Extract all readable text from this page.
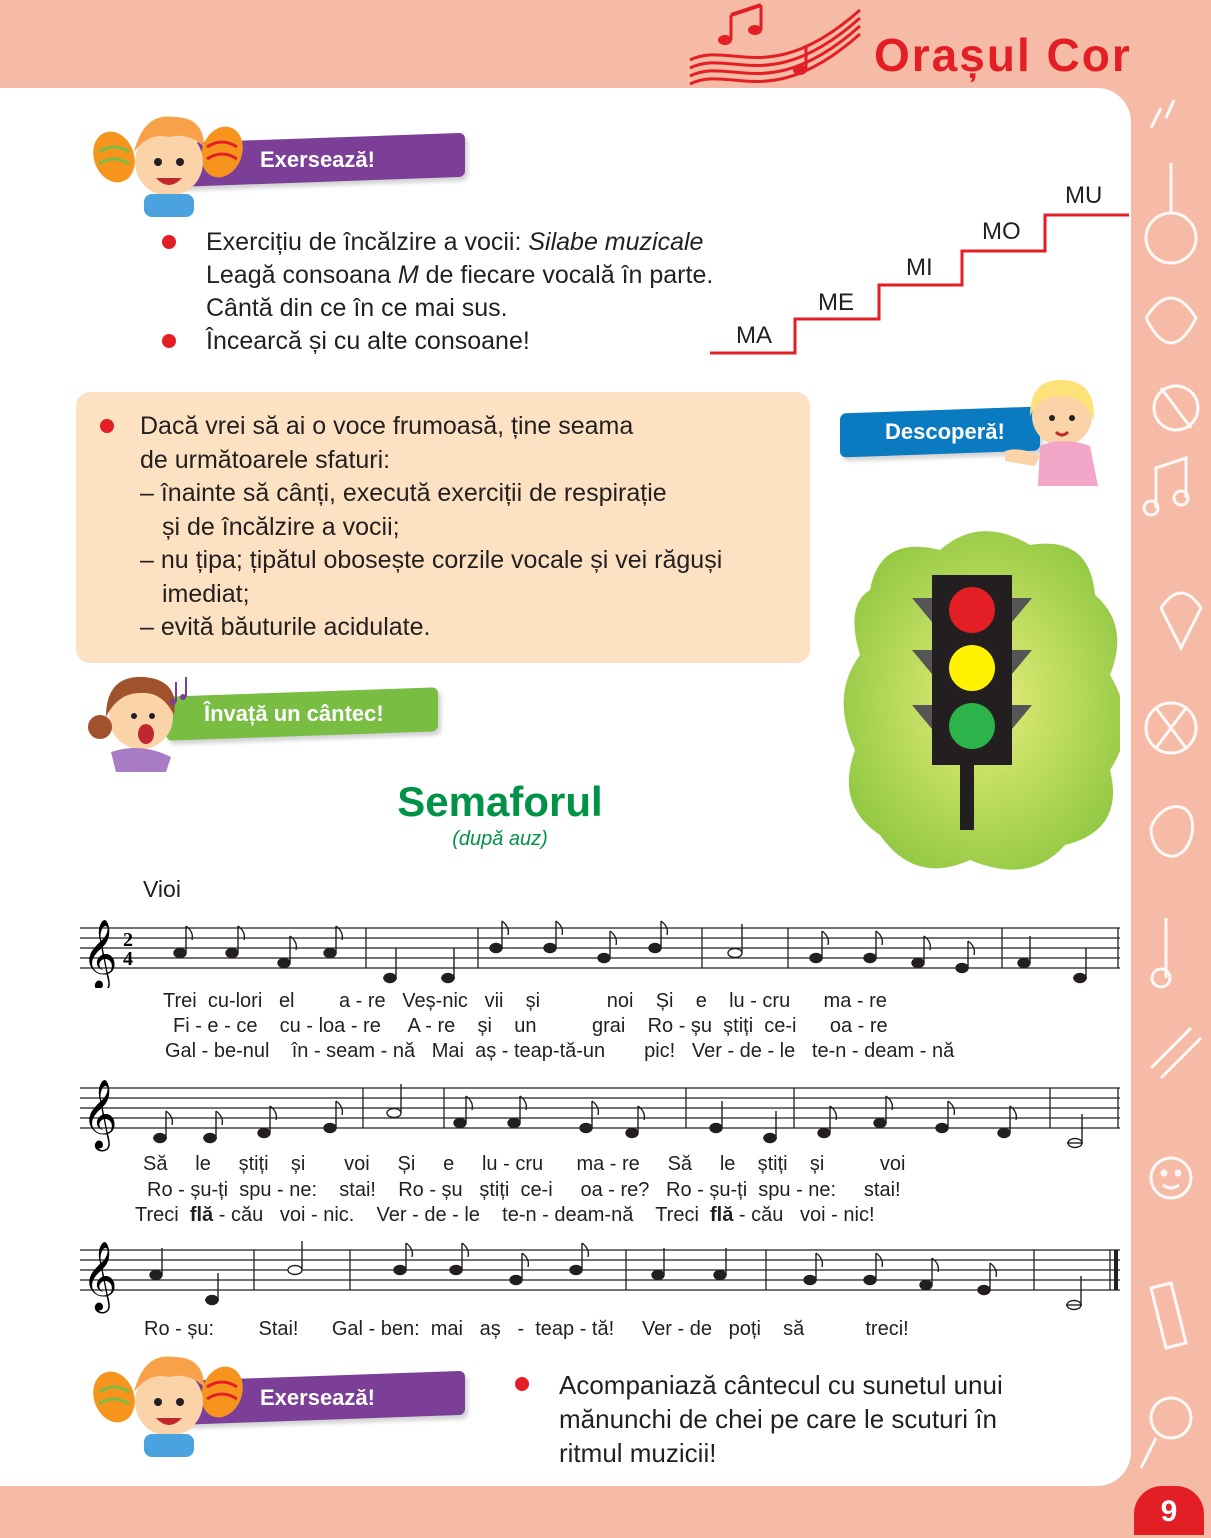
Orașul Cor
Exersează!
Exercițiu de încălzire a vocii: Silabe muzicale
Leagă consoana M de fiecare vocală în parte.
Cântă din ce în ce mai sus.
Încearcă și cu alte consoane!	MA
ME
MI
MO
MU
Dacă vrei să ai o voce frumoasă, ține seama
de următoarele sfaturi:
– înainte să cânți, execută exerciții de respirație
și de încălzire a vocii;
– nu țipa; țipătul obosește corzile vocale și vei răguși
imediat;
– evită băuturile acidulate.
Descoperă!
Învață un cântec!
Semaforul
(după auz)
Vioi
𝄞 2
4
Trei  cu-lori   el        a - re   Veș-nic   vii    și            noi    Și    e    lu - cru      ma - re
Fi - e - ce    cu - loa - re     A - re    și    un          grai    Ro - șu  știți  ce-i      oa - re
Gal - be-nul    în - seam - nă   Mai  aș - teap-tă-un       pic!   Ver - de - le   te-n - deam - nă
𝄞
Să     le     știți    și       voi     Și     e     lu - cru      ma - re     Să     le    știți    și          voi
Ro - șu-ți  spu - ne:    stai!    Ro - șu   știți  ce-i     oa - re?   Ro - șu-ți  spu - ne:     stai!
Treci  flă - cău   voi - nic.    Ver - de - le    te-n - deam-nă    Treci  flă - cău   voi - nic!
𝄞
Ro - șu:        Stai!      Gal - ben:  mai   aș   -  teap - tă!     Ver - de   poți    să           treci!
Exersează!	Acompaniază cântecul cu sunetul unui
mănunchi de chei pe care le scuturi în
ritmul muzicii!
9
